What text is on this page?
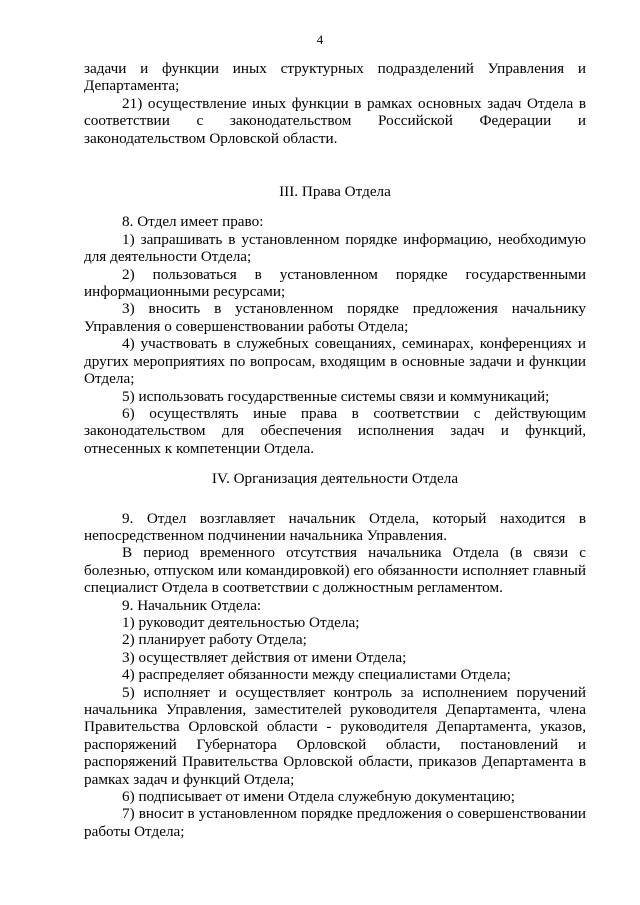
4

задачи и функции иных структурных подразделений Управления и Департамента;

21) осуществление иных функции в рамках основных задач Отдела в соответствии с законодательством Российской Федерации и законодательством Орловской области.

III. Права Отдела

8. Отдел имеет право:

1) запрашивать в установленном порядке информацию, необходимую для деятельности Отдела;

2) пользоваться в установленном порядке государственными информационными ресурсами;

3) вносить в установленном порядке предложения начальнику Управления о совершенствовании работы Отдела;

4) участвовать в служебных совещаниях, семинарах, конференциях и других мероприятиях по вопросам, входящим в основные задачи и функции Отдела;

5) использовать государственные системы связи и коммуникаций;

6) осуществлять иные права в соответствии с действующим законодательством для обеспечения исполнения задач и функций, отнесенных к компетенции Отдела.

IV. Организация деятельности Отдела

9. Отдел возглавляет начальник Отдела, который находится в непосредственном подчинении начальника Управления.

В период временного отсутствия начальника Отдела (в связи с болезнью, отпуском или командировкой) его обязанности исполняет главный специалист Отдела в соответствии с должностным регламентом.

9. Начальник Отдела:

1) руководит деятельностью Отдела;

2) планирует работу Отдела;

3) осуществляет действия от имени Отдела;

4) распределяет обязанности между специалистами Отдела;

5) исполняет и осуществляет контроль за исполнением поручений начальника Управления, заместителей руководителя Департамента, члена Правительства Орловской области - руководителя Департамента, указов, распоряжений Губернатора Орловской области, постановлений и распоряжений Правительства Орловской области, приказов Департамента в рамках задач и функций Отдела;

6) подписывает от имени Отдела служебную документацию;

7) вносит в установленном порядке предложения о совершенствовании работы Отдела;
